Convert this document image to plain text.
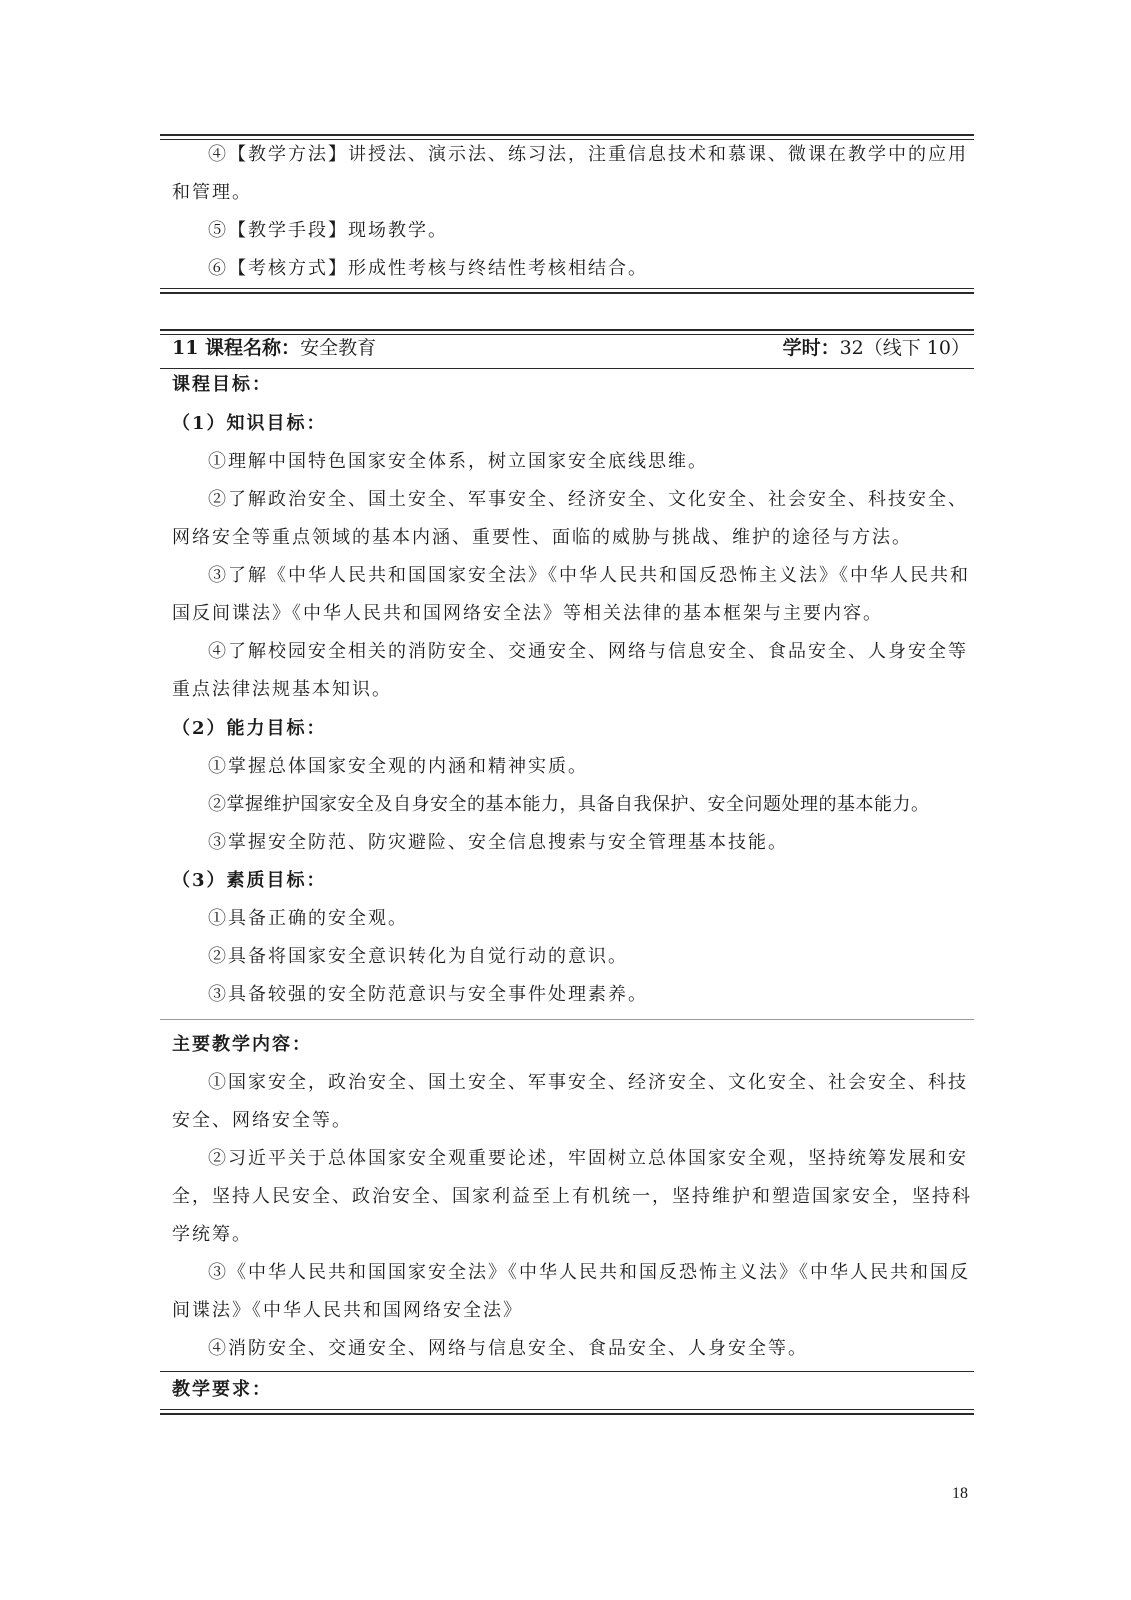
④【教学方法】讲授法、演示法、练习法，注重信息技术和慕课、微课在教学中的应用和管理。

⑤【教学手段】现场教学。

⑥【考核方式】形成性考核与终结性考核相结合。

11 课程名称：安全教育	学时：32（线下 10）

课程目标：

（1）知识目标：

①理解中国特色国家安全体系，树立国家安全底线思维。

②了解政治安全、国土安全、军事安全、经济安全、文化安全、社会安全、科技安全、网络安全等重点领域的基本内涵、重要性、面临的威胁与挑战、维护的途径与方法。

③了解《中华人民共和国国家安全法》《中华人民共和国反恐怖主义法》《中华人民共和国反间谍法》《中华人民共和国网络安全法》等相关法律的基本框架与主要内容。

④了解校园安全相关的消防安全、交通安全、网络与信息安全、食品安全、人身安全等重点法律法规基本知识。

（2）能力目标：

①掌握总体国家安全观的内涵和精神实质。

②掌握维护国家安全及自身安全的基本能力，具备自我保护、安全问题处理的基本能力。

③掌握安全防范、防灾避险、安全信息搜索与安全管理基本技能。

（3）素质目标：

①具备正确的安全观。

②具备将国家安全意识转化为自觉行动的意识。

③具备较强的安全防范意识与安全事件处理素养。

主要教学内容：

①国家安全，政治安全、国土安全、军事安全、经济安全、文化安全、社会安全、科技安全、网络安全等。

②习近平关于总体国家安全观重要论述，牢固树立总体国家安全观，坚持统筹发展和安全，坚持人民安全、政治安全、国家利益至上有机统一，坚持维护和塑造国家安全，坚持科学统筹。

③《中华人民共和国国家安全法》《中华人民共和国反恐怖主义法》《中华人民共和国反间谍法》《中华人民共和国网络安全法》

④消防安全、交通安全、网络与信息安全、食品安全、人身安全等。

教学要求：

18
